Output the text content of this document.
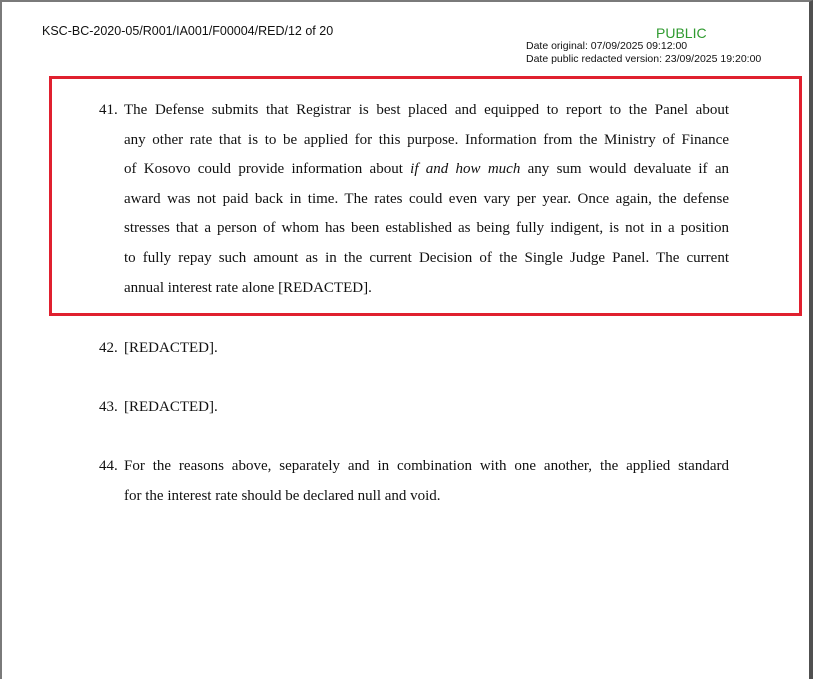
KSC-BC-2020-05/R001/IA001/F00004/RED/12 of 20	PUBLIC
Date original: 07/09/2025 09:12:00
Date public redacted version: 23/09/2025 19:20:00
41. The Defense submits that Registrar is best placed and equipped to report to the Panel about
any other rate that is to be applied for this purpose. Information from the Ministry of Finance
of Kosovo could provide information about if and how much any sum would devaluate if an
award was not paid back in time. The rates could even vary per year. Once again, the defense
stresses that a person of whom has been established as being fully indigent, is not in a position
to fully repay such amount as in the current Decision of the Single Judge Panel. The current
annual interest rate alone [REDACTED].
42. [REDACTED].
43. [REDACTED].
44. For the reasons above, separately and in combination with one another, the applied standard
for the interest rate should be declared null and void.
